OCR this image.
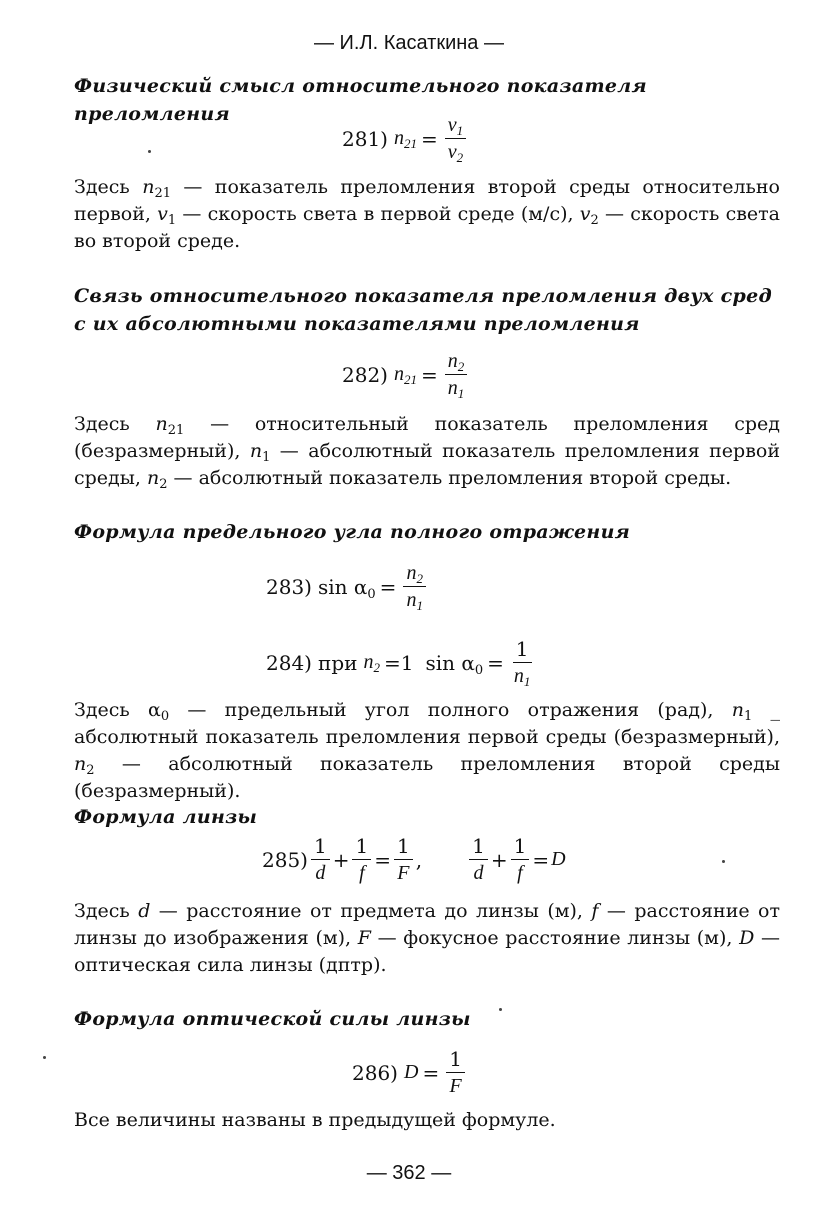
— И.Л. Касаткина —
Физический смысл относительного показателя преломления
281) $n_{21} = \frac{v_1}{v_2}$
Здесь $n_{21}$ — показатель преломления второй среды относительно первой, $v_1$ — скорость света в первой среде (м/с), $v_2$ — скорость света во второй среде.
Связь относительного показателя преломления двух сред
с их абсолютными показателями преломления
282) $n_{21} = \frac{n_2}{n_1}$
Здесь $n_{21}$ — относительный показатель преломления сред (безразмерный), $n_1$ — абсолютный показатель преломления первой среды, $n_2$ — абсолютный показатель преломления второй среды.
Формула предельного угла полного отражения
283) $\sin \alpha_0 = \frac{n_2}{n_1}$
284) при $n_2 =1$ $\sin \alpha_0 = \frac{1}{n_1}$
Здесь $\alpha_0$ — предельный угол полного отражения (рад), $n_1$ _ абсолютный показатель преломления первой среды (безразмерный), $n_2$ — абсолютный показатель преломления второй среды (безразмерный).
Формула линзы
$285) \frac{1}{d} + \frac{1}{f} = \frac{1}{F}$ , $\frac{1}{d} + \frac{1}{f} = D$
Здесь d — расстояние от предмета до линзы (м), f — расстояние от линзы до изображения (м), F — фокусное расстояние линзы (м), D — оптическая сила линзы (дптр).
Формула оптической силы линзы
286) $D = \frac{1}{F}$
Все величины названы в предыдущей формуле.
— 362 —
